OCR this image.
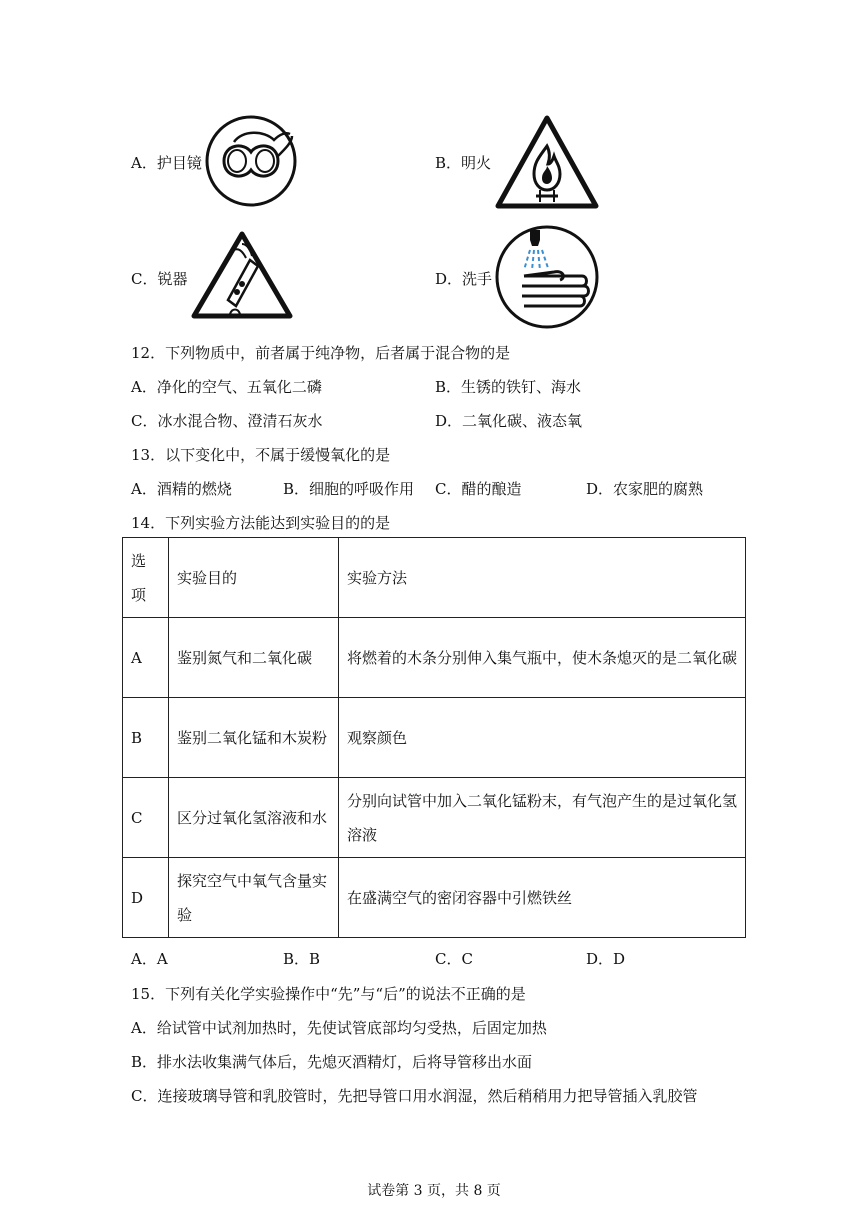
A．护目镜	B．明火
C．锐器	D．洗手
12．下列物质中，前者属于纯净物，后者属于混合物的是
A．净化的空气、五氧化二磷	B．生锈的铁钉、海水
C．冰水混合物、澄清石灰水	D．二氧化碳、液态氧
13．以下变化中，不属于缓慢氧化的是
A．酒精的燃烧	B．细胞的呼吸作用 C．醋的酿造	D．农家肥的腐熟
14．下列实验方法能达到实验目的的是
选项	实验目的	实验方法
A	鉴别氮气和二氧化碳	将燃着的木条分别伸入集气瓶中，使木条熄灭的是二氧化碳
B	鉴别二氧化锰和木炭粉	观察颜色
C	区分过氧化氢溶液和水	分别向试管中加入二氧化锰粉末，有气泡产生的是过氧化氢溶液
D	探究空气中氧气含量实验	在盛满空气的密闭容器中引燃铁丝
A．A	B．B	C．C	D．D
15．下列有关化学实验操作中“先”与“后”的说法不正确的是
A．给试管中试剂加热时，先使试管底部均匀受热，后固定加热
B．排水法收集满气体后，先熄灭酒精灯，后将导管移出水面
C．连接玻璃导管和乳胶管时，先把导管口用水润湿，然后稍稍用力把导管插入乳胶管
试卷第 3 页，共 8 页
